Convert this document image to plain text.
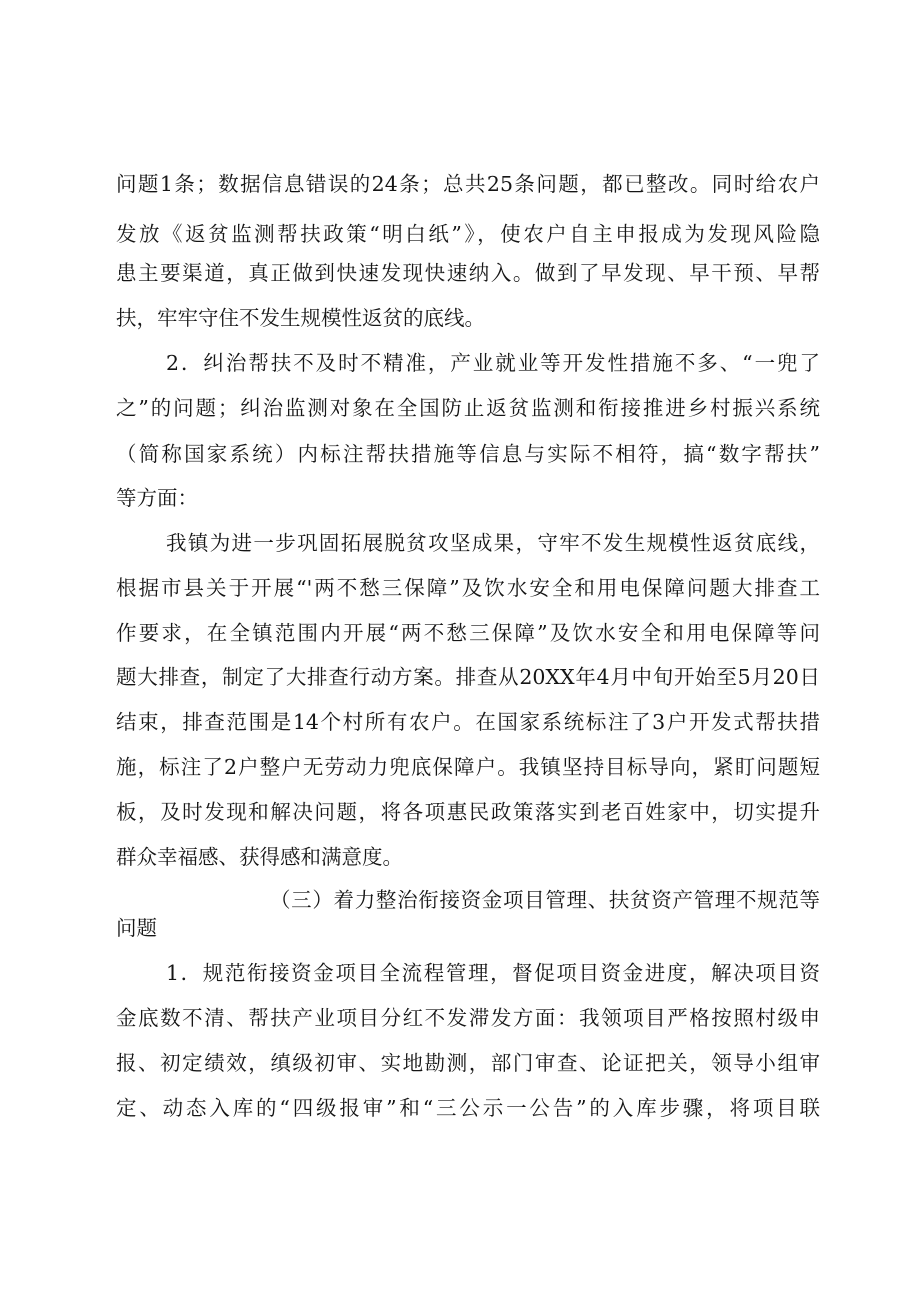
问题1条；数据信息错误的24条；总共25条问题，都已整改。同时给农户
发放《返贫监测帮扶政策“明白纸”》，使农户自主申报成为发现风险隐
患主要渠道，真正做到快速发现快速纳入。做到了早发现、早干预、早帮
扶，牢牢守住不发生规模性返贫的底线。
2．纠治帮扶不及时不精准，产业就业等开发性措施不多、“一兜了
之”的问题；纠治监测对象在全国防止返贫监测和衔接推进乡村振兴系统
（简称国家系统）内标注帮扶措施等信息与实际不相符，搞“数字帮扶”
等方面：
我镇为进一步巩固拓展脱贫攻坚成果，守牢不发生规模性返贫底线，
根据市县关于开展“'两不愁三保障”及饮水安全和用电保障问题大排查工
作要求，在全镇范围内开展“两不愁三保障”及饮水安全和用电保障等问
题大排查，制定了大排查行动方案。排查从20XX年4月中旬开始至5月20日
结束，排查范围是14个村所有农户。在国家系统标注了3户开发式帮扶措
施，标注了2户整户无劳动力兜底保障户。我镇坚持目标导向，紧盯问题短
板，及时发现和解决问题，将各项惠民政策落实到老百姓家中，切实提升
群众幸福感、获得感和满意度。
（三）着力整治衔接资金项目管理、扶贫资产管理不规范等
问题
1．规范衔接资金项目全流程管理，督促项目资金进度，解决项目资
金底数不清、帮扶产业项目分红不发滞发方面：我领项目严格按照村级申
报、初定绩效，缜级初审、实地勘测，部门审查、论证把关，领导小组审
定、动态入库的“四级报审”和“三公示一公告”的入库步骤，将项目联
